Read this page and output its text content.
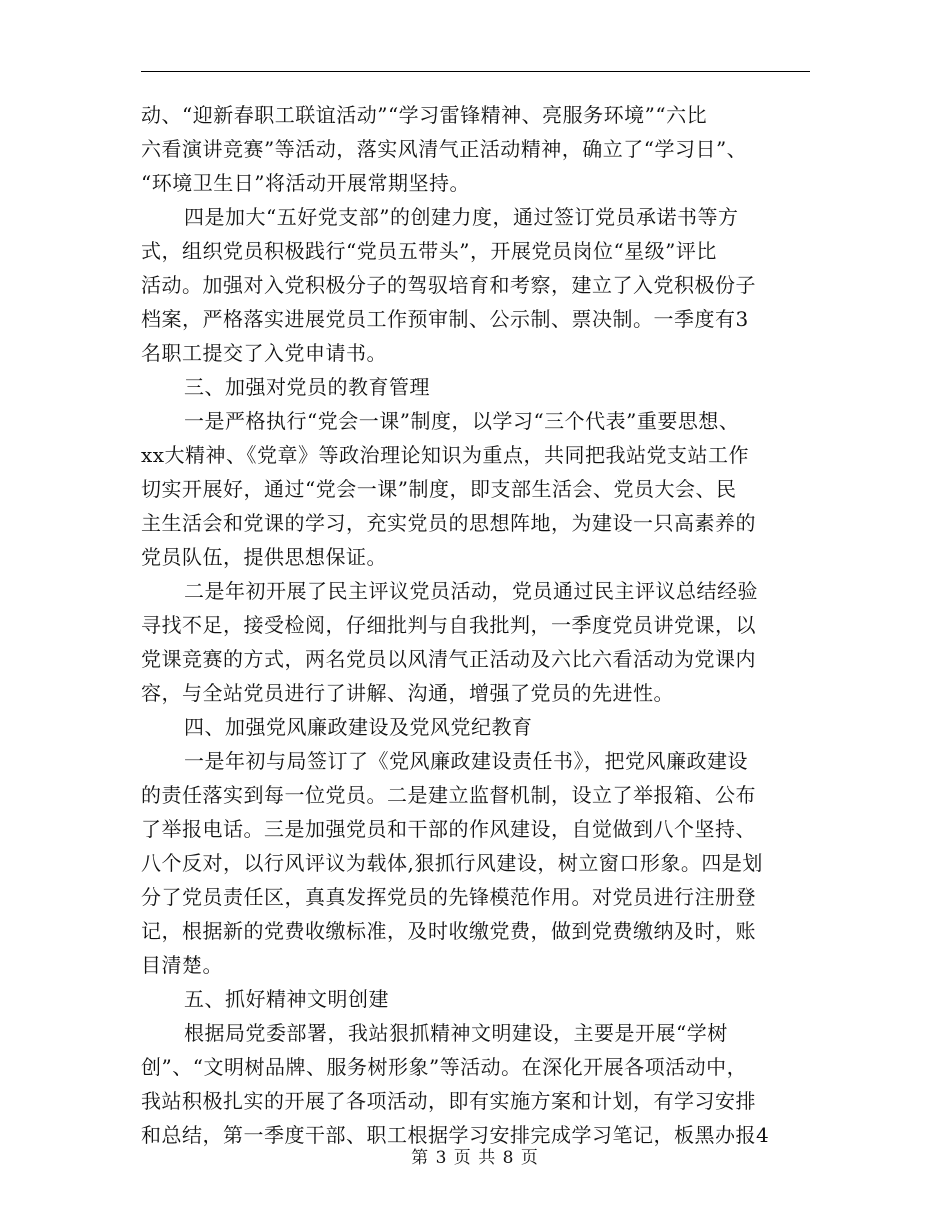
动、“迎新春职工联谊活动”“学习雷锋精神、亮服务环境”“六比
六看演讲竞赛”等活动，落实风清气正活动精神，确立了“学习日”、
“环境卫生日”将活动开展常期坚持。
四是加大“五好党支部”的创建力度，通过签订党员承诺书等方
式，组织党员积极践行“党员五带头”，开展党员岗位“星级”评比
活动。加强对入党积极分子的驾驭培育和考察，建立了入党积极份子
档案，严格落实进展党员工作预审制、公示制、票决制。一季度有3
名职工提交了入党申请书。
三、加强对党员的教育管理
一是严格执行“党会一课”制度，以学习“三个代表”重要思想、
xx大精神、《党章》等政治理论知识为重点，共同把我站党支站工作
切实开展好，通过“党会一课”制度，即支部生活会、党员大会、民
主生活会和党课的学习，充实党员的思想阵地，为建设一只高素养的
党员队伍，提供思想保证。
二是年初开展了民主评议党员活动，党员通过民主评议总结经验
寻找不足，接受检阅，仔细批判与自我批判，一季度党员讲党课，以
党课竞赛的方式，两名党员以风清气正活动及六比六看活动为党课内
容，与全站党员进行了讲解、沟通，增强了党员的先进性。
四、加强党风廉政建设及党风党纪教育
一是年初与局签订了《党风廉政建设责任书》，把党风廉政建设
的责任落实到每一位党员。二是建立监督机制，设立了举报箱、公布
了举报电话。三是加强党员和干部的作风建设，自觉做到八个坚持、
八个反对，以行风评议为载体,狠抓行风建设，树立窗口形象。四是划
分了党员责任区，真真发挥党员的先锋模范作用。对党员进行注册登
记，根据新的党费收缴标准，及时收缴党费，做到党费缴纳及时，账
目清楚。
五、抓好精神文明创建
根据局党委部署，我站狠抓精神文明建设，主要是开展“学树
创”、“文明树品牌、服务树形象”等活动。在深化开展各项活动中，
我站积极扎实的开展了各项活动，即有实施方案和计划，有学习安排
和总结，第一季度干部、职工根据学习安排完成学习笔记，板黑办报4
第 3 页 共 8 页
